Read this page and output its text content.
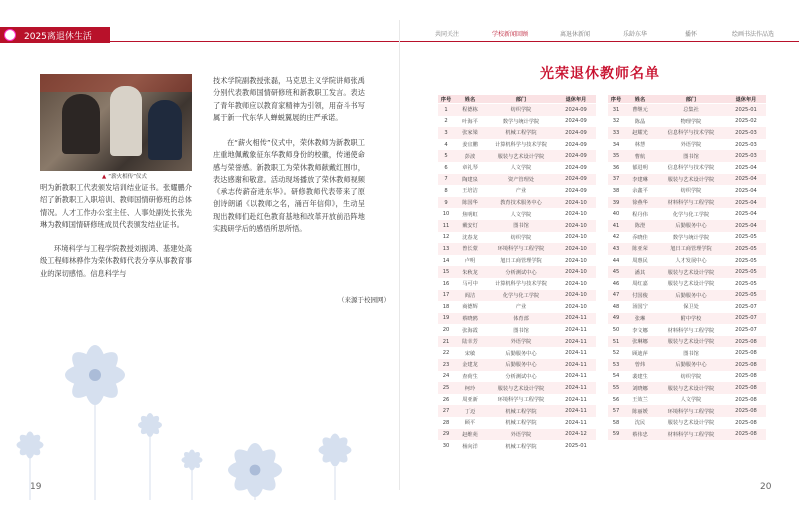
2025离退休生活	共同关注	学校新闻回顾	离退休新闻	乐龄东华	播怀	绘画书法作品选
▲ “薪火相传”仪式

明为新教职工代表颁发培训结业证书。张耀鹏介绍了新教职工入职培训、教师国情研修班的总体情况。人才工作办公室主任、人事处副处长张先琳为教师国情研修班成员代表颁发结业证书。

环境科学与工程学院教授刘振鸿、基建处高级工程师林骅作为荣休教师代表分享从事教育事业的深切感悟。信息科学与

技术学院副教授张磊，马克思主义学院讲师张禹分别代表教师国情研修班和新教职工发言。表达了青年教师应以教育家精神为引领，用奋斗书写属于新一代东华人蝉蜕翼展的庄严承诺。

在“薪火相传”仪式中，荣休教师为新教职工庄重地佩戴象征东华教师身份的校徽，传递使命感与荣誉感。新教职工为荣休教师献戴红围巾，表达感谢和敬意。活动现场播放了荣休教师视频《承志传薪奋进东华》。研修教师代表带来了原创诗朗诵《以教师之名，涌百年信仰》，生动呈现出教师们赴红色教育基地和改革开放前沿阵地实践研学后的感悟所思所悟。

（来源于校园网）
19
光荣退休教师名单
序号	姓名	部门	退休年月
1	程德栋	纺织学院	2024-09
2	叶海平	数学与统计学院	2024-09
3	张家梁	机械工程学院	2024-09
4	姜宜鹏	计算机科学与技术学院	2024-09
5	彭波	服装与艺术设计学院	2024-09
6	章礼琴	人文学院	2024-09
7	陶建泉	资产管理处	2024-09
8	王培洁	产业	2024-09
9	陈国华	教育技术服务中心	2024-10
10	焦明虹	人文学院	2024-10
11	戴安灯	图书馆	2024-10
12	沈春龙	纺织学院	2024-10
13	曾长蒙	环境科学与工程学院	2024-10
14	卢明	旭日工商管理学院	2024-10
15	朱秋龙	分析测试中心	2024-10
16	马可中	计算机科学与技术学院	2024-10
17	阎洁	化学与化工学院	2024-10
18	商德辉	产业	2024-10
19	蔡晓鸥	体育部	2024-11
20	张海霞	图书馆	2024-11
21	陆幸芳	外语学院	2024-11
22	宋敏	后勤服务中心	2024-11
23	金建龙	后勤服务中心	2024-11
24	查荷生	分析测试中心	2024-11
25	柯玲	服装与艺术设计学院	2024-11
26	周亚新	环境科学与工程学院	2024-11
27	丁迈	机械工程学院	2024-11
28	顾平	机械工程学院	2024-11
29	赵维苑	外语学院	2024-12
30	杨向洋	机械工程学院	2025-01
序号	姓名	部门	退休年月
31	曹继元	总集社	2025-01
32	陈晶	物理学院	2025-02
33	赵耀光	信息科学与技术学院	2025-03
34	林慧	外语学院	2025-03
35	曹航	图书馆	2025-03
36	郁进明	信息科学与技术学院	2025-04
37	李建琳	服装与艺术设计学院	2025-04
38	余鑫平	纺织学院	2025-04
39	徐燕华	材料科学与工程学院	2025-04
40	程丹伟	化学与化工学院	2025-04
41	陈澄	后勤服务中心	2025-04
42	乔晓佳	数学与统计学院	2025-05
43	陈亚荣	旭日工商管理学院	2025-05
44	周惠民	人才发展中心	2025-05
45	潘其	服装与艺术设计学院	2025-05
46	周红嘉	服装与艺术设计学院	2025-05
47	付国俊	后勤服务中心	2025-05
48	汤国宁	保卫处	2025-07
49	张琳	附中学校	2025-07
50	李文娜	材料科学与工程学院	2025-07
51	张琳娜	服装与艺术设计学院	2025-08
52	顾迪萍	图书馆	2025-08
53	曾炜	后勤服务中心	2025-08
54	裴建生	纺织学院	2025-08
55	刘晓娜	服装与艺术设计学院	2025-08
56	王效兰	人文学院	2025-08
57	陈丽媛	环境科学与工程学院	2025-08
58	沈民	服装与艺术设计学院	2025-08
59	蔡伟忠	材料科学与工程学院	2025-08
20
